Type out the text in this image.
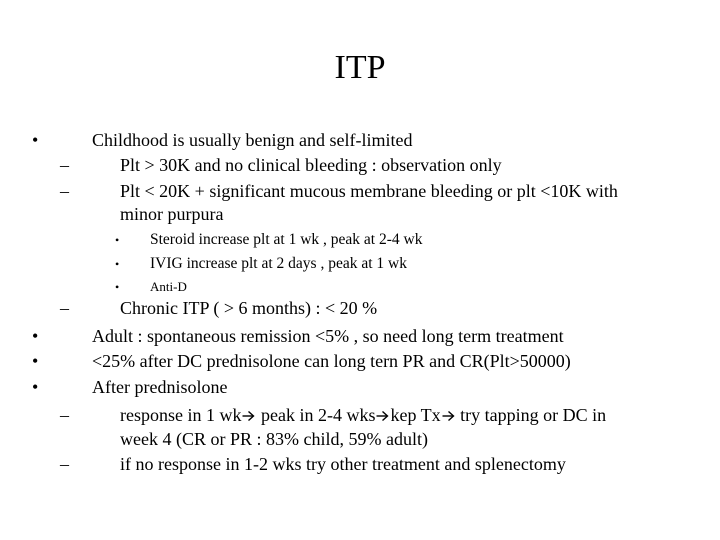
ITP
•	Childhood is usually benign and self-limited
–	Plt > 30K and no clinical bleeding : observation only
–	Plt < 20K + significant mucous membrane bleeding or plt <10K with
minor purpura
• Steroid increase plt at 1 wk , peak at 2-4 wk
• IVIG increase plt at 2 days , peak at 1 wk
• Anti-D
–	Chronic ITP ( > 6 months) : < 20 %
•	Adult : spontaneous remission <5% , so need long term treatment
•	<25% after DC prednisolone can long tern PR and CR(Plt>50000)
•	After prednisolone
–	response in 1 wk peak in 2-4 wks kep Tx try tapping or DC in
week 4 (CR or PR : 83% child, 59% adult)
–	if no response in 1-2 wks try other treatment and splenectomy
